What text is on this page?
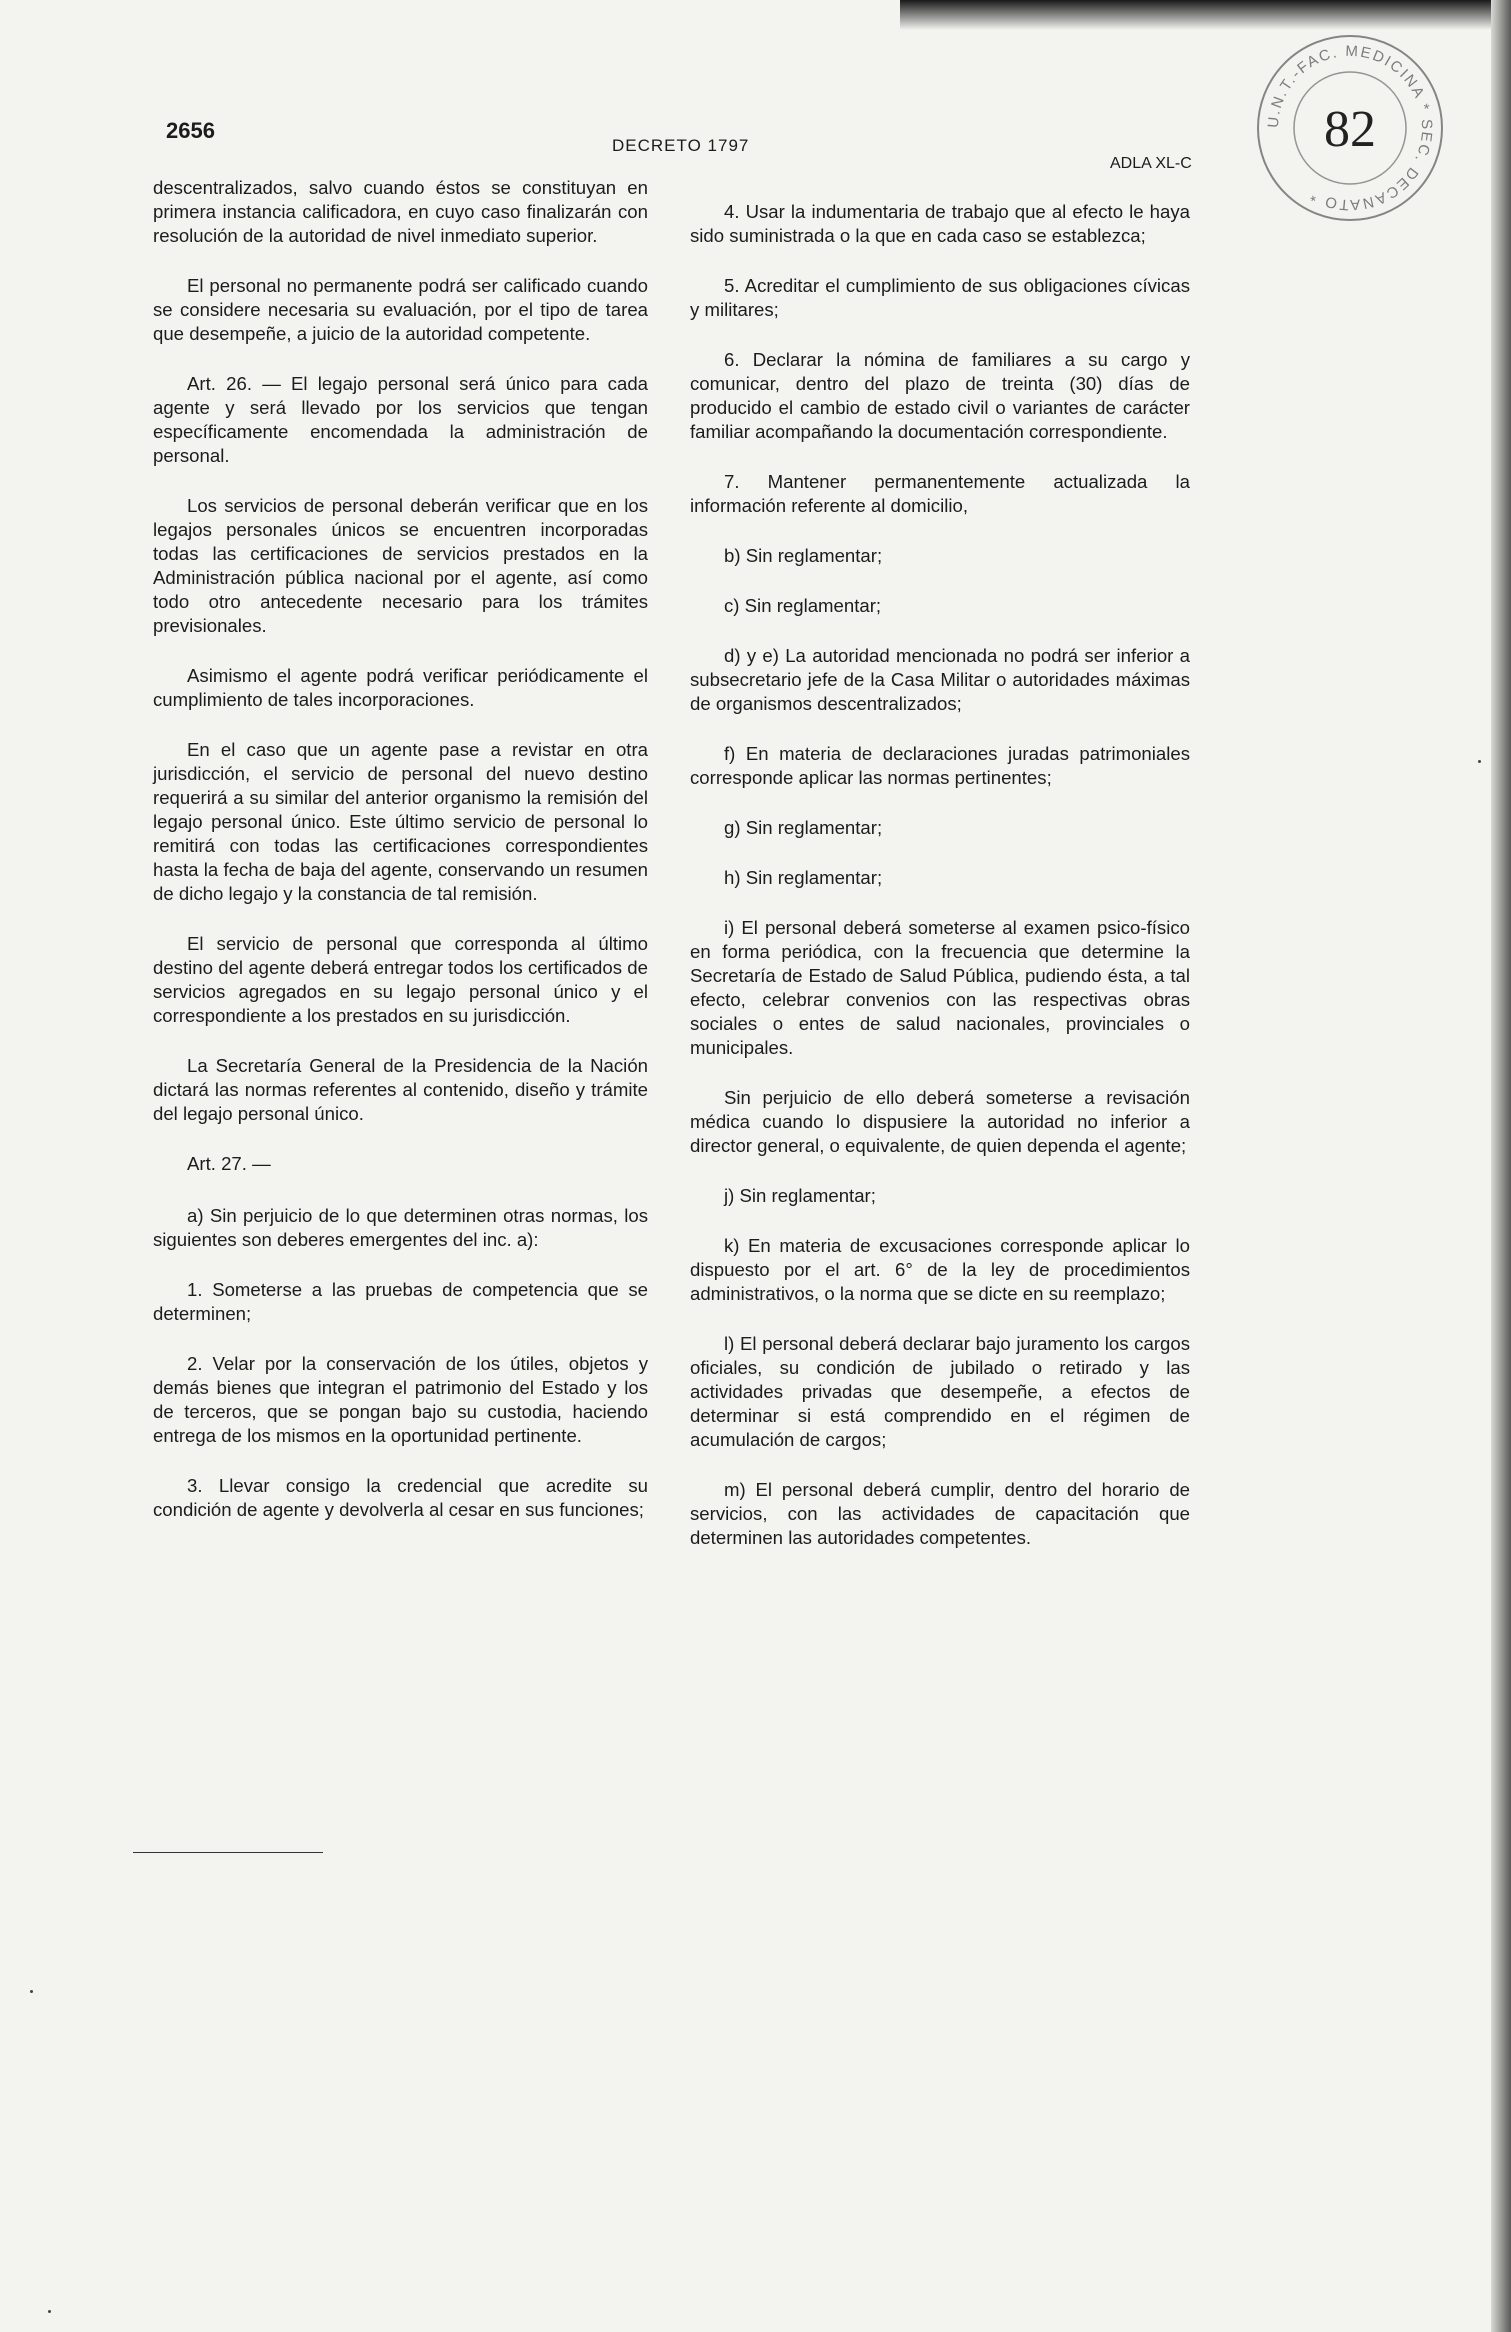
2656
DECRETO 1797
ADLA XL-C
U.N.T.-FAC. MEDICINA * SEC. DECANATO *
82

descentralizados, salvo cuando éstos se constituyan en primera instancia calificadora, en cuyo caso finalizarán con resolución de la autoridad de nivel inmediato superior.

El personal no permanente podrá ser calificado cuando se considere necesaria su evaluación, por el tipo de tarea que desempeñe, a juicio de la autoridad competente.

Art. 26. — El legajo personal será único para cada agente y será llevado por los servicios que tengan específicamente encomendada la administración de personal.

Los servicios de personal deberán verificar que en los legajos personales únicos se encuentren incorporadas todas las certificaciones de servicios prestados en la Administración pública nacional por el agente, así como todo otro antecedente necesario para los trámites previsionales.

Asimismo el agente podrá verificar periódicamente el cumplimiento de tales incorporaciones.

En el caso que un agente pase a revistar en otra jurisdicción, el servicio de personal del nuevo destino requerirá a su similar del anterior organismo la remisión del legajo personal único. Este último servicio de personal lo remitirá con todas las certificaciones correspondientes hasta la fecha de baja del agente, conservando un resumen de dicho legajo y la constancia de tal remisión.

El servicio de personal que corresponda al último destino del agente deberá entregar todos los certificados de servicios agregados en su legajo personal único y el correspondiente a los prestados en su jurisdicción.

La Secretaría General de la Presidencia de la Nación dictará las normas referentes al contenido, diseño y trámite del legajo personal único.

Art. 27. —

a) Sin perjuicio de lo que determinen otras normas, los siguientes son deberes emergentes del inc. a):

1. Someterse a las pruebas de competencia que se determinen;

2. Velar por la conservación de los útiles, objetos y demás bienes que integran el patrimonio del Estado y los de terceros, que se pongan bajo su custodia, haciendo entrega de los mismos en la oportunidad pertinente.

3. Llevar consigo la credencial que acredite su condición de agente y devolverla al cesar en sus funciones;

4. Usar la indumentaria de trabajo que al efecto le haya sido suministrada o la que en cada caso se establezca;

5. Acreditar el cumplimiento de sus obligaciones cívicas y militares;

6. Declarar la nómina de familiares a su cargo y comunicar, dentro del plazo de treinta (30) días de producido el cambio de estado civil o variantes de carácter familiar acompañando la documentación correspondiente.

7. Mantener permanentemente actualizada la información referente al domicilio,

b) Sin reglamentar;

c) Sin reglamentar;

d) y e) La autoridad mencionada no podrá ser inferior a subsecretario jefe de la Casa Militar o autoridades máximas de organismos descentralizados;

f) En materia de declaraciones juradas patrimoniales corresponde aplicar las normas pertinentes;

g) Sin reglamentar;

h) Sin reglamentar;

i) El personal deberá someterse al examen psico-físico en forma periódica, con la frecuencia que determine la Secretaría de Estado de Salud Pública, pudiendo ésta, a tal efecto, celebrar convenios con las respectivas obras sociales o entes de salud nacionales, provinciales o municipales.

Sin perjuicio de ello deberá someterse a revisación médica cuando lo dispusiere la autoridad no inferior a director general, o equivalente, de quien dependa el agente;

j) Sin reglamentar;

k) En materia de excusaciones corresponde aplicar lo dispuesto por el art. 6° de la ley de procedimientos administrativos, o la norma que se dicte en su reemplazo;

l) El personal deberá declarar bajo juramento los cargos oficiales, su condición de jubilado o retirado y las actividades privadas que desempeñe, a efectos de determinar si está comprendido en el régimen de acumulación de cargos;

m) El personal deberá cumplir, dentro del horario de servicios, con las actividades de capacitación que determinen las autoridades competentes.
